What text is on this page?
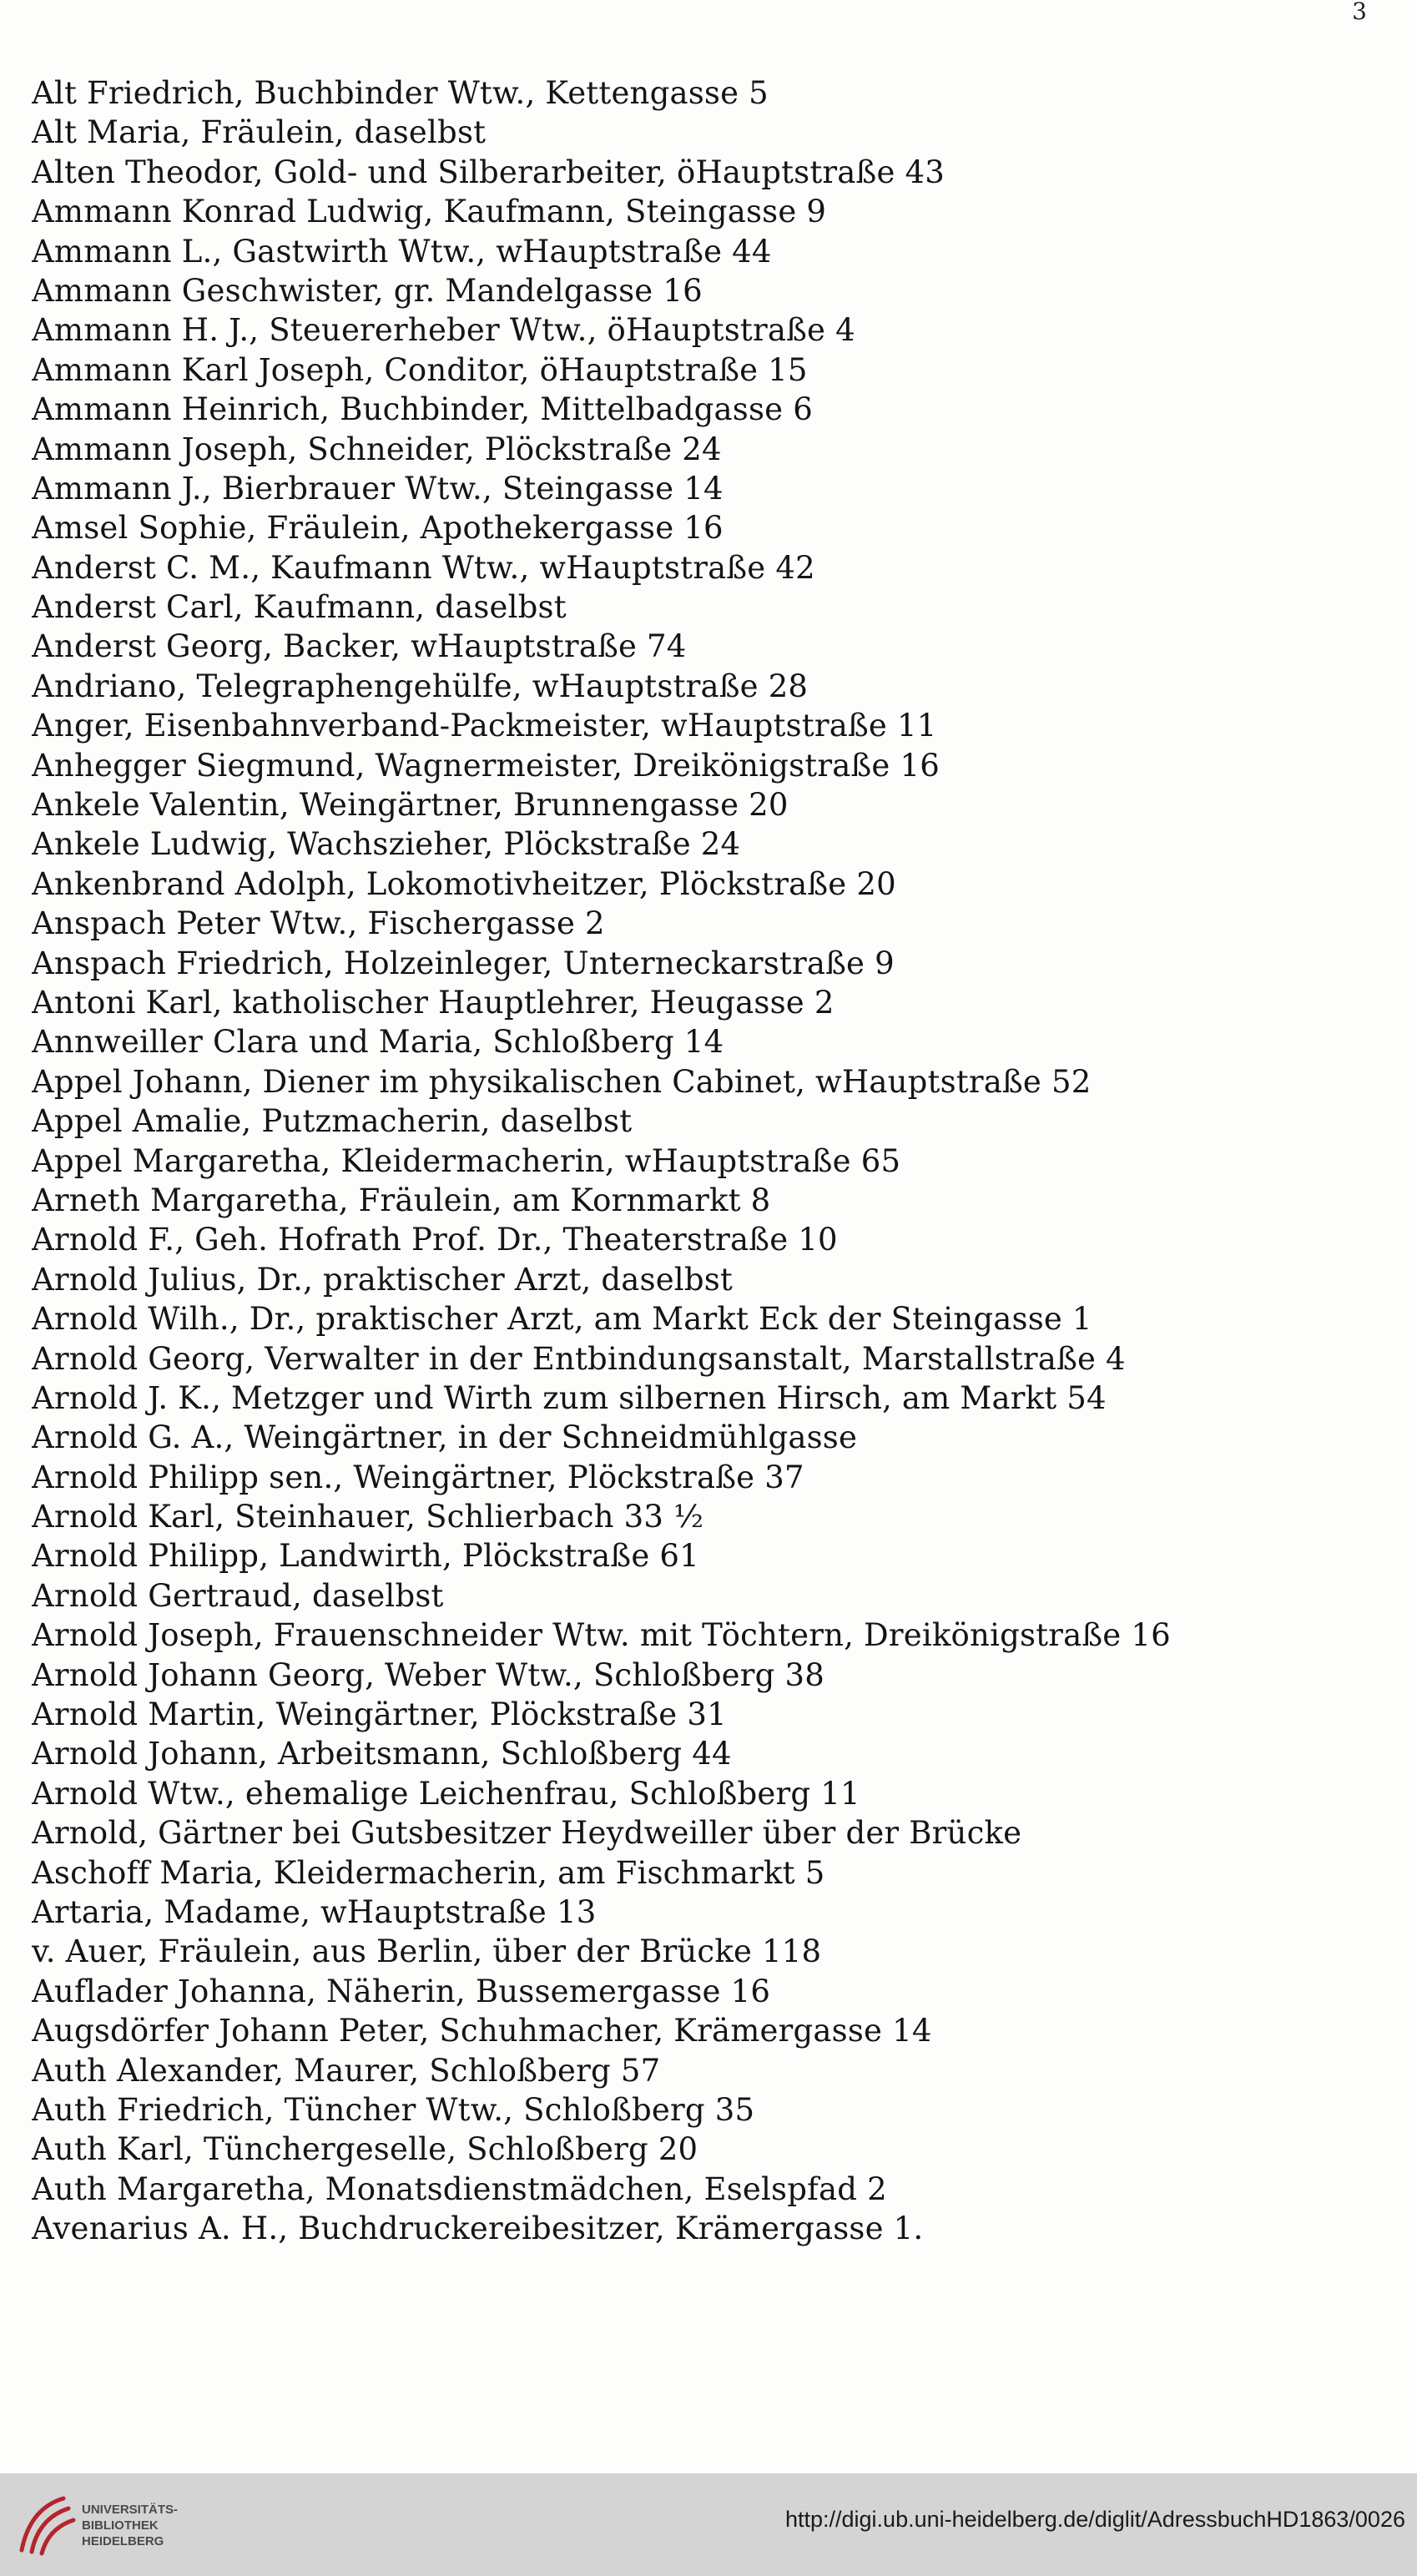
3
Alt Friedrich, Buchbinder Wtw., Kettengasse 5
Alt Maria, Fräulein, daselbst
Alten Theodor, Gold- und Silberarbeiter, öHauptstraße 43
Ammann Konrad Ludwig, Kaufmann, Steingasse 9
Ammann L., Gastwirth Wtw., wHauptstraße 44
Ammann Geschwister, gr. Mandelgasse 16
Ammann H. J., Steuererheber Wtw., öHauptstraße 4
Ammann Karl Joseph, Conditor, öHauptstraße 15
Ammann Heinrich, Buchbinder, Mittelbadgasse 6
Ammann Joseph, Schneider, Plöckstraße 24
Ammann J., Bierbrauer Wtw., Steingasse 14
Amsel Sophie, Fräulein, Apothekergasse 16
Anderst C. M., Kaufmann Wtw., wHauptstraße 42
Anderst Carl, Kaufmann, daselbst
Anderst Georg, Backer, wHauptstraße 74
Andriano, Telegraphengehülfe, wHauptstraße 28
Anger, Eisenbahnverband-Packmeister, wHauptstraße 11
Anhegger Siegmund, Wagnermeister, Dreikönigstraße 16
Ankele Valentin, Weingärtner, Brunnengasse 20
Ankele Ludwig, Wachszieher, Plöckstraße 24
Ankenbrand Adolph, Lokomotivheitzer, Plöckstraße 20
Anspach Peter Wtw., Fischergasse 2
Anspach Friedrich, Holzeinleger, Unterneckarstraße 9
Antoni Karl, katholischer Hauptlehrer, Heugasse 2
Annweiller Clara und Maria, Schloßberg 14
Appel Johann, Diener im physikalischen Cabinet, wHauptstraße 52
Appel Amalie, Putzmacherin, daselbst
Appel Margaretha, Kleidermacherin, wHauptstraße 65
Arneth Margaretha, Fräulein, am Kornmarkt 8
Arnold F., Geh. Hofrath Prof. Dr., Theaterstraße 10
Arnold Julius, Dr., praktischer Arzt, daselbst
Arnold Wilh., Dr., praktischer Arzt, am Markt Eck der Steingasse 1
Arnold Georg, Verwalter in der Entbindungsanstalt, Marstallstraße 4
Arnold J. K., Metzger und Wirth zum silbernen Hirsch, am Markt 54
Arnold G. A., Weingärtner, in der Schneidmühlgasse
Arnold Philipp sen., Weingärtner, Plöckstraße 37
Arnold Karl, Steinhauer, Schlierbach 33 ½
Arnold Philipp, Landwirth, Plöckstraße 61
Arnold Gertraud, daselbst
Arnold Joseph, Frauenschneider Wtw. mit Töchtern, Dreikönigstraße 16
Arnold Johann Georg, Weber Wtw., Schloßberg 38
Arnold Martin, Weingärtner, Plöckstraße 31
Arnold Johann, Arbeitsmann, Schloßberg 44
Arnold Wtw., ehemalige Leichenfrau, Schloßberg 11
Arnold, Gärtner bei Gutsbesitzer Heydweiller über der Brücke
Aschoff Maria, Kleidermacherin, am Fischmarkt 5
Artaria, Madame, wHauptstraße 13
v. Auer, Fräulein, aus Berlin, über der Brücke 118
Auflader Johanna, Näherin, Bussemergasse 16
Augsdörfer Johann Peter, Schuhmacher, Krämergasse 14
Auth Alexander, Maurer, Schloßberg 57
Auth Friedrich, Tüncher Wtw., Schloßberg 35
Auth Karl, Tünchergeselle, Schloßberg 20
Auth Margaretha, Monatsdienstmädchen, Eselspfad 2
Avenarius A. H., Buchdruckereibesitzer, Krämergasse 1.
UNIVERSITÄTS-
BIBLIOTHEK
HEIDELBERG
http://digi.ub.uni-heidelberg.de/diglit/AdressbuchHD1863/0026
